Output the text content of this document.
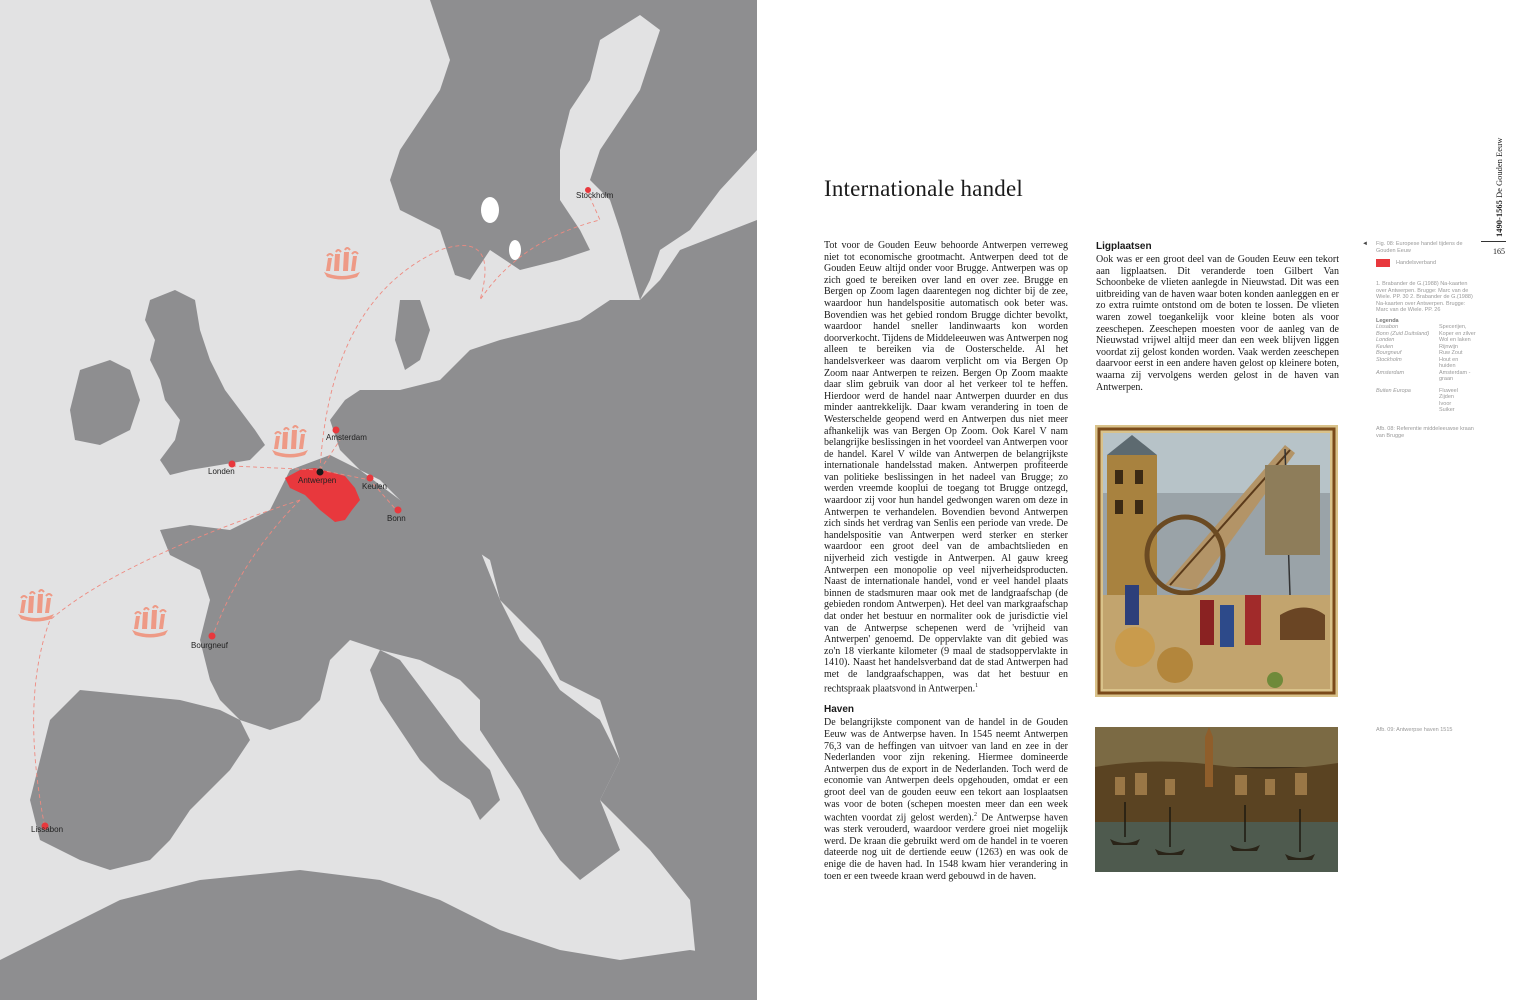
Stockholm
Amsterdam
Londen
Antwerpen
Keulen
Bonn
Bourgneuf
Lissabon
Internationale handel

Tot voor de Gouden Eeuw behoorde Antwerpen verreweg niet tot economische grootmacht. Antwerpen deed tot de Gouden Eeuw altijd onder voor Brugge. Antwerpen was op zich goed te bereiken over land en over zee. Brugge en Bergen op Zoom lagen daarentegen nog dichter bij de zee, waardoor hun handelspositie automatisch ook beter was. Bovendien was het gebied rondom Brugge dichter bevolkt, waardoor handel sneller landinwaarts kon worden doorverkocht. Tijdens de Middeleeuwen was Antwerpen nog alleen te bereiken via de Oosterschelde. Al het handelsverkeer was daarom verplicht om via Bergen Op Zoom naar Antwerpen te reizen. Bergen Op Zoom maakte daar slim gebruik van door al het verkeer tol te heffen. Hierdoor werd de handel naar Antwerpen duurder en dus minder aantrekkelijk. Daar kwam verandering in toen de Westerschelde geopend werd en Antwerpen dus niet meer afhankelijk was van Bergen Op Zoom. Ook Karel V nam belangrijke beslissingen in het voordeel van Antwerpen voor de handel. Karel V wilde van Antwerpen de belangrijkste internationale handelsstad maken. Antwerpen profiteerde van politieke beslissingen in het nadeel van Brugge; zo werden vreemde kooplui de toegang tot Brugge ontzegd, waardoor zij voor hun handel gedwongen waren om deze in Antwerpen te verhandelen. Bovendien bevond Antwerpen zich sinds het verdrag van Senlis een periode van vrede. De handelspositie van Antwerpen werd sterker en sterker waardoor een groot deel van de ambachtslieden en nijverheid zich vestigde in Antwerpen. Al gauw kreeg Antwerpen een monopolie op veel nijverheidsproducten. Naast de internationale handel, vond er veel handel plaats binnen de stadsmuren maar ook met de landgraafschap (de gebieden rondom Antwerpen). Het deel van markgraafschap dat onder het bestuur en normaliter ook de jurisdictie viel van de Antwerpse schepenen werd de 'vrijheid van Antwerpen' genoemd. De oppervlakte van dit gebied was zo'n 18 vierkante kilometer (9 maal de stadsoppervlakte in 1410). Naast het handelsverband dat de stad Antwerpen had met de landgraafschappen, was dat het bestuur en rechtspraak plaatsvond in Antwerpen.$^1$

Haven

De belangrijkste component van de handel in de Gouden Eeuw was de Antwerpse haven. In 1545 neemt Antwerpen 76,3 van de heffingen van uitvoer van land en zee in der Nederlanden voor zijn rekening. Hiermee domineerde Antwerpen dus de export in de Nederlanden. Toch werd de economie van Antwerpen deels opgehouden, omdat er een groot deel van de gouden eeuw een tekort aan losplaatsen was voor de boten (schepen moesten meer dan een week wachten voordat zij gelost werden).$^2$ De Antwerpse haven was sterk verouderd, waardoor verdere groei niet mogelijk werd. De kraan die gebruikt werd om de handel in te voeren dateerde nog uit de dertiende eeuw (1263) en was ook de enige die de haven had. In 1548 kwam hier verandering in toen er een tweede kraan werd gebouwd in de haven.

Ligplaatsen

Ook was er een groot deel van de Gouden Eeuw een tekort aan ligplaatsen. Dit veranderde toen Gilbert Van Schoonbeke de vlieten aanlegde in Nieuwstad. Dit was een uitbreiding van de haven waar boten konden aanleggen en er zo extra ruimte ontstond om de boten te lossen. De vlieten waren zowel toegankelijk voor kleine boten als voor zeeschepen. Zeeschepen moesten voor de aanleg van de Nieuwstad vrijwel altijd meer dan een week blijven liggen voordat zij gelost konden worden. Vaak werden zeeschepen daarvoor eerst in een andere haven gelost op kleinere boten, waarna zij vervolgens werden gelost in de haven van Antwerpen.

◄ Fig. 08: Europese handel tijdens de Gouden Eeuw
Handelsverband
1. Brabander de G.(1988) Na-kaarten over Antwerpen. Brugge: Marc van de Wiele. PP. 30 2. Brabander de G.(1988) Na-kaarten over Antwerpen. Brugge: Marc van de Wiele. PP. 26
Legenda
Lissabon	Specerijen,
Bonn (Zuid Duitsland)	Koper en zilver
Londen	Wol en laken
Keulen	Rijnwijn
Bourgneuf	Ruw Zout
Stockholm	Hout en huiden
Amsterdam	Amsterdam - graan
Buiten Europa	Fluweel
Zijden
Ivoor
Suiker
Afb. 08: Referentie middeleeuwse kraan van Brugge
Afb. 09: Antwerpse haven 1515
1490-1565 De Gouden Eeuw
165
